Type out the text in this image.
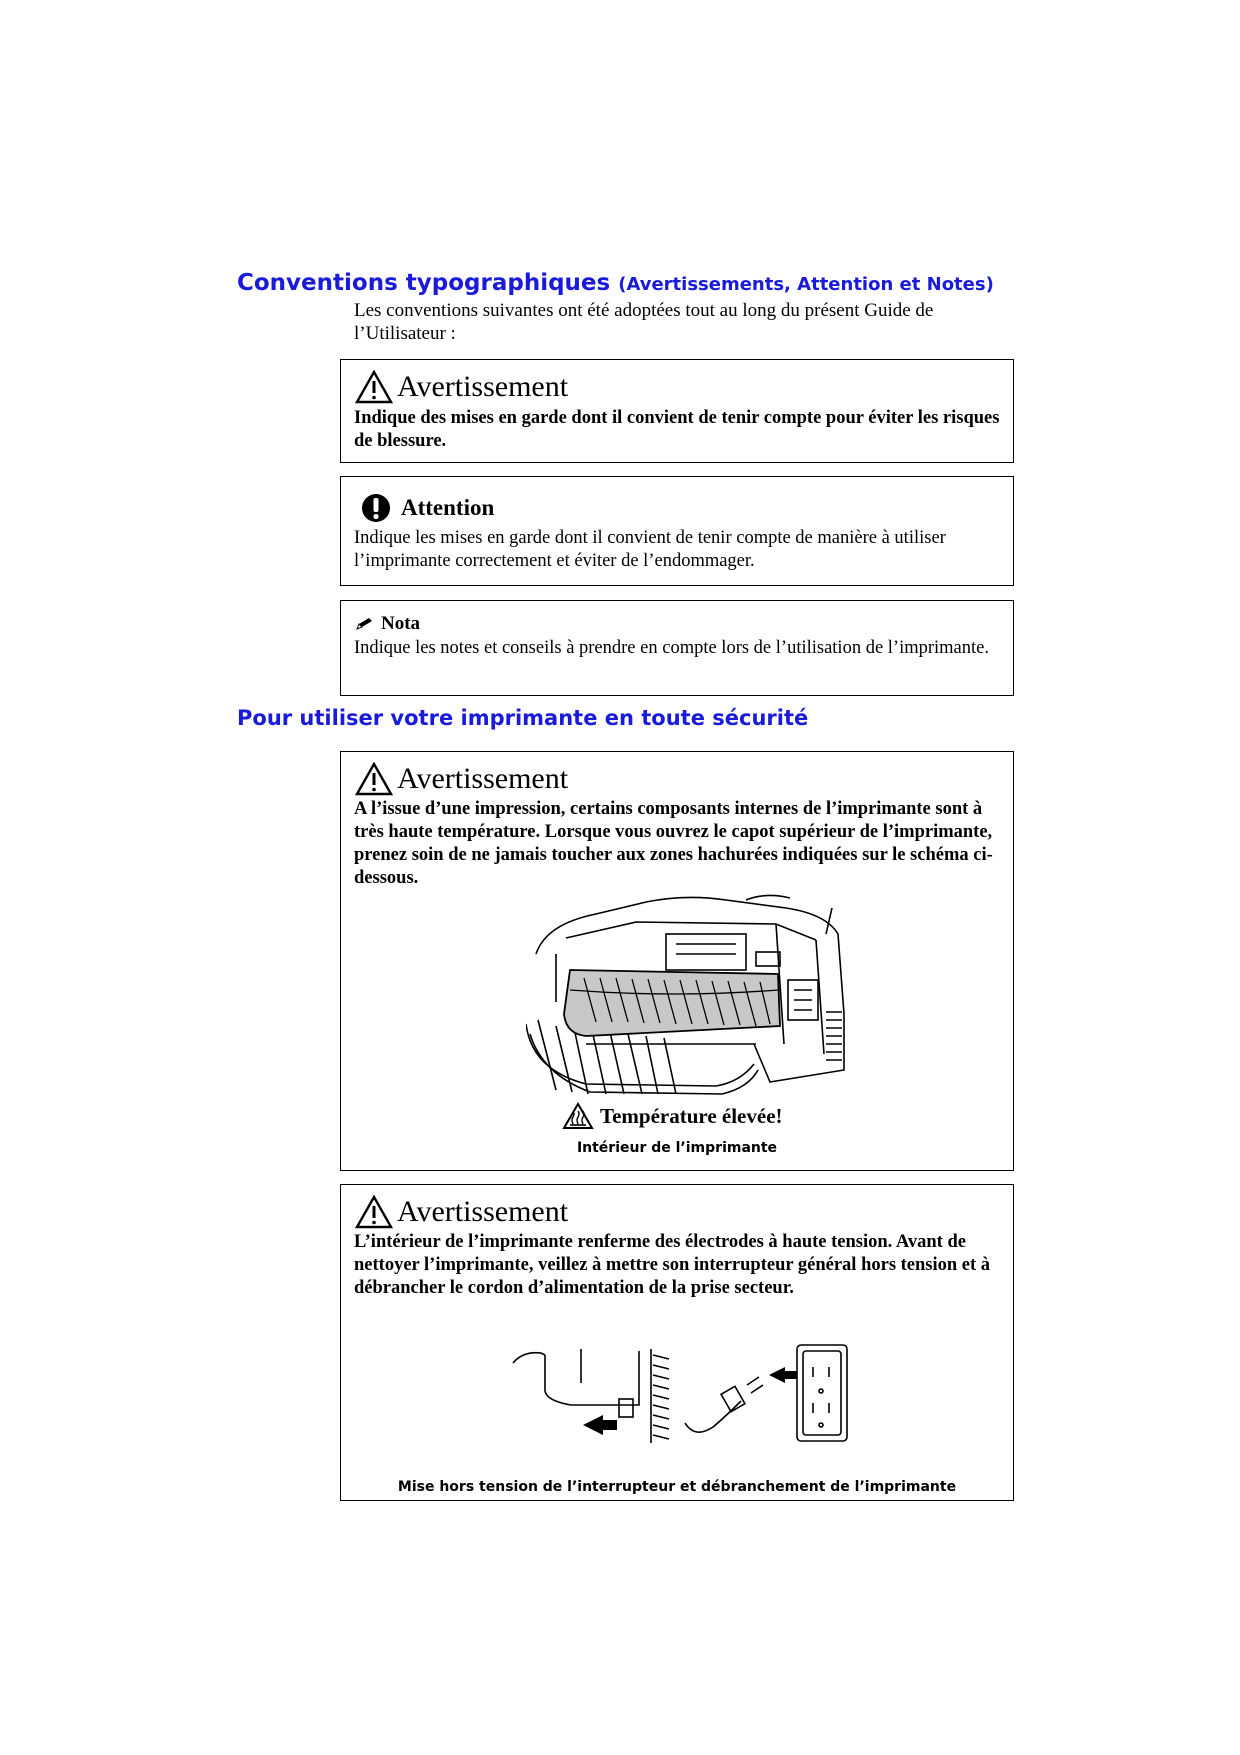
Conventions typographiques (Avertissements, Attention et Notes)

Les conventions suivantes ont été adoptées tout au long du présent Guide de l’Utilisateur :

Avertissement

Indique des mises en garde dont il convient de tenir compte pour éviter les risques de blessure.

Attention

Indique les mises en garde dont il convient de tenir compte de manière à utiliser l’imprimante correctement et éviter de l’endommager.

Nota

Indique les notes et conseils à prendre en compte lors de l’utilisation de l’imprimante.

Pour utiliser votre imprimante en toute sécurité
Avertissement

A l’issue d’une impression, certains composants internes de l’imprimante sont à très haute température. Lorsque vous ouvrez le capot supérieur de l’imprimante, prenez soin de ne jamais toucher aux zones hachurées indiquées sur le schéma ci-dessous.

Température élevée!
Intérieur de l’imprimante
Avertissement

L’intérieur de l’imprimante renferme des électrodes à haute tension. Avant de nettoyer l’imprimante, veillez à mettre son interrupteur général hors tension et à débrancher le cordon d’alimentation de la prise secteur.

Mise hors tension de l’interrupteur et débranchement de l’imprimante
